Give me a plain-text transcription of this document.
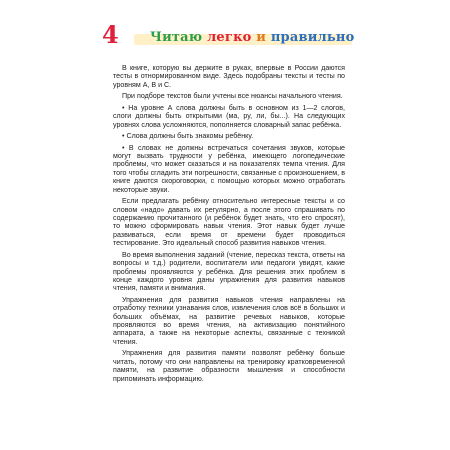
4 Читаю легко и правильно

В книге, которую вы держите в руках, впервые в России даются тесты в отнормированном виде. Здесь подобраны тексты и тесты по уровням А, В и С.

При подборе текстов были учтены все нюансы начального чтения.

• На уровне А слова должны быть в основном из 1—2 слогов, слоги должны быть открытыми (ма, ру, ли, бы...). На следующих уровнях слова усложняются, пополняется словарный запас ребёнка.

• Слова должны быть знакомы ребёнку.

• В словах не должны встречаться сочетания звуков, которые могут вызвать трудности у ребёнка, имеющего логопедические проблемы, что может сказаться и на показателях темпа чтения. Для того чтобы сгладить эти погрешности, связанные с произношением, в книге даются скороговорки, с помощью которых можно отработать некоторые звуки.

Если предлагать ребёнку относительно интересные тексты и со словом «надо» давать их регулярно, а после этого спрашивать по содержанию прочитанного (и ребёнок будет знать, что его спросят), то можно сформировать навык чтения. Этот навык будет лучше развиваться, если время от времени будет проводиться тестирование. Это идеальный способ развития навыков чтения.

Во время выполнения заданий (чтение, пересказ текста, ответы на вопросы и т.д.) родители, воспитатели или педагоги увидят, какие проблемы проявляются у ребёнка. Для решения этих проблем в конце каждого уровня даны упражнения для развития навыков чтения, памяти и внимания.

Упражнения для развития навыков чтения направлены на отработку техники узнавания слов, извлечения слов всё в больших и больших объёмах, на развитие речевых навыков, которые проявляются во время чтения, на активизацию понятийного аппарата, а также на некоторые аспекты, связанные с техникой чтения.

Упражнения для развития памяти позволят ребёнку больше читать, потому что они направлены на тренировку кратковременной памяти, на развитие образности мышления и способности припоминать информацию.
